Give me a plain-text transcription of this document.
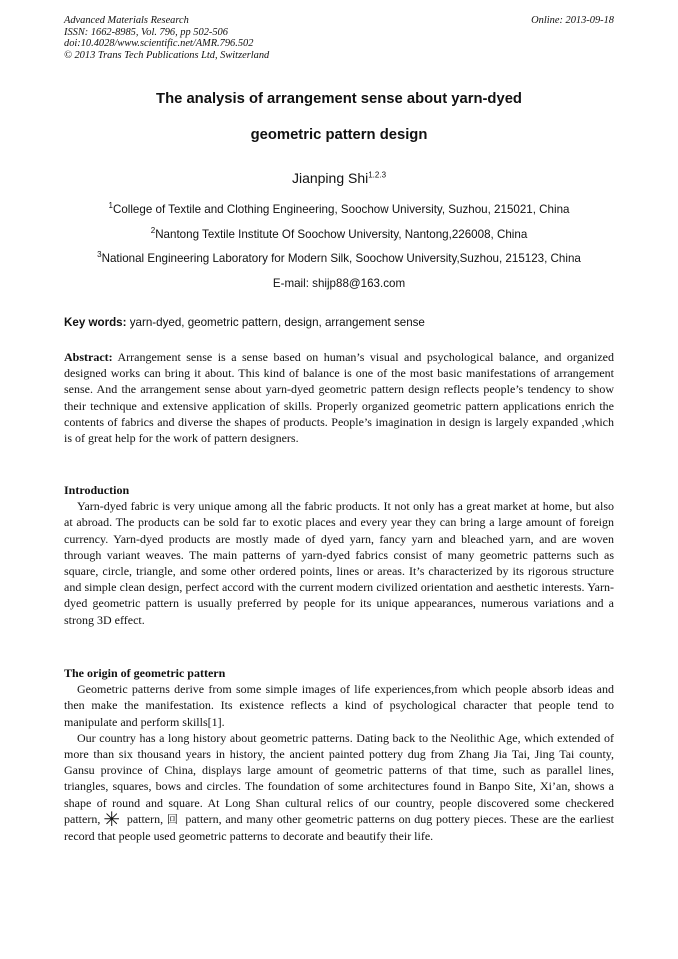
Advanced Materials Research
ISSN: 1662-8985, Vol. 796, pp 502-506
doi:10.4028/www.scientific.net/AMR.796.502
© 2013 Trans Tech Publications Ltd, Switzerland
Online: 2013-09-18
The analysis of arrangement sense about yarn-dyed
geometric pattern design
Jianping Shi$^{1.2.3}$
$^1$College of Textile and Clothing Engineering, Soochow University, Suzhou, 215021, China
$^2$Nantong Textile Institute Of Soochow University, Nantong,226008, China
$^3$National Engineering Laboratory for Modern Silk, Soochow University,Suzhou, 215123, China
E-mail: shijp88@163.com
Key words: yarn-dyed, geometric pattern, design, arrangement sense

Abstract: Arrangement sense is a sense based on human’s visual and psychological balance, and organized designed works can bring it about. This kind of balance is one of the most basic manifestations of arrangement sense. And the arrangement sense about yarn-dyed geometric pattern design reflects people’s tendency to show their technique and extensive application of skills. Properly organized geometric pattern applications enrich the contents of fabrics and diverse the shapes of products. People’s imagination in design is largely expanded ,which is of great help for the work of pattern designers.

Introduction

Yarn-dyed fabric is very unique among all the fabric products. It not only has a great market at home, but also at abroad. The products can be sold far to exotic places and every year they can bring a large amount of foreign currency. Yarn-dyed products are mostly made of dyed yarn, fancy yarn and bleached yarn, and are woven through variant weaves. The main patterns of yarn-dyed fabrics consist of many geometric patterns such as square, circle, triangle, and some other ordered points, lines or areas. It’s characterized by its rigorous structure and simple clean design, perfect accord with the current modern civilized orientation and aesthetic interests. Yarn-dyed geometric pattern is usually preferred by people for its unique appearances, numerous variations and a strong 3D effect.

The origin of geometric pattern

Geometric patterns derive from some simple images of life experiences,from which people absorb ideas and then make the manifestation. Its existence reflects a kind of psychological character that people tend to manipulate and perform skills[1].

Our country has a long history about geometric patterns. Dating back to the Neolithic Age, which extended of more than six thousand years in history, the ancient painted pottery dug from Zhang Jia Tai, Jing Tai county, Gansu province of China, displays large amount of geometric patterns of that time, such as parallel lines, triangles, squares, bows and circles. The foundation of some architectures found in Banpo Site, Xi’an, shows a shape of round and square. At Long Shan cultural relics of our country, people discovered some checkered pattern, ✳ pattern, 回 pattern, and many other geometric patterns on dug pottery pieces. These are the earliest record that people used geometric patterns to decorate and beautify their life.
